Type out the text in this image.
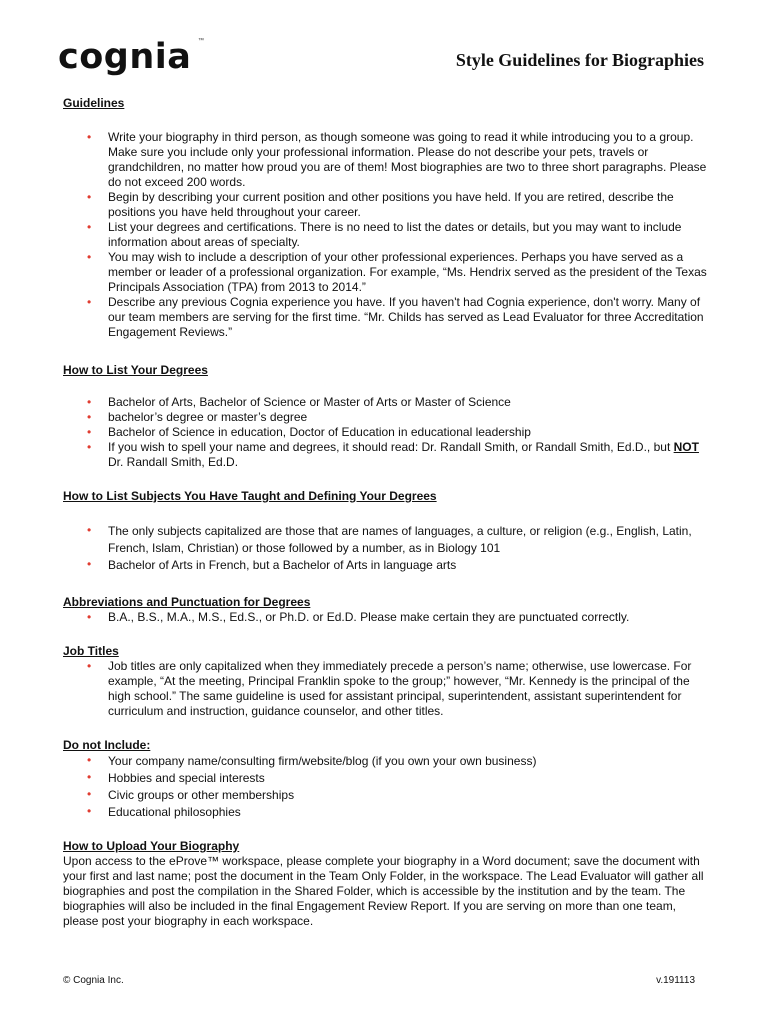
cognia ™
Style Guidelines for Biographies
Guidelines
• Write your biography in third person, as though someone was going to read it while introducing you to a group. Make sure you include only your professional information. Please do not describe your pets, travels or grandchildren, no matter how proud you are of them! Most biographies are two to three short paragraphs. Please do not exceed 200 words.
• Begin by describing your current position and other positions you have held. If you are retired, describe the positions you have held throughout your career.
• List your degrees and certifications. There is no need to list the dates or details, but you may want to include information about areas of specialty.
• You may wish to include a description of your other professional experiences. Perhaps you have served as a member or leader of a professional organization. For example, “Ms. Hendrix served as the president of the Texas Principals Association (TPA) from 2013 to 2014.”
• Describe any previous Cognia experience you have. If you haven't had Cognia experience, don't worry. Many of our team members are serving for the first time. “Mr. Childs has served as Lead Evaluator for three Accreditation Engagement Reviews.”
How to List Your Degrees
• Bachelor of Arts, Bachelor of Science or Master of Arts or Master of Science
• bachelor’s degree or master’s degree
• Bachelor of Science in education, Doctor of Education in educational leadership
• If you wish to spell your name and degrees, it should read: Dr. Randall Smith, or Randall Smith, Ed.D., but NOT Dr. Randall Smith, Ed.D.
How to List Subjects You Have Taught and Defining Your Degrees
• The only subjects capitalized are those that are names of languages, a culture, or religion (e.g., English, Latin, French, Islam, Christian) or those followed by a number, as in Biology 101
• Bachelor of Arts in French, but a Bachelor of Arts in language arts
Abbreviations and Punctuation for Degrees
• B.A., B.S., M.A., M.S., Ed.S., or Ph.D. or Ed.D. Please make certain they are punctuated correctly.
Job Titles
• Job titles are only capitalized when they immediately precede a person’s name; otherwise, use lowercase. For example, “At the meeting, Principal Franklin spoke to the group;” however, “Mr. Kennedy is the principal of the high school.” The same guideline is used for assistant principal, superintendent, assistant superintendent for curriculum and instruction, guidance counselor, and other titles.
Do not Include:
• Your company name/consulting firm/website/blog (if you own your own business)
• Hobbies and special interests
• Civic groups or other memberships
• Educational philosophies
How to Upload Your Biography

Upon access to the eProve™ workspace, please complete your biography in a Word document; save the document with your first and last name; post the document in the Team Only Folder, in the workspace. The Lead Evaluator will gather all biographies and post the compilation in the Shared Folder, which is accessible by the institution and by the team. The biographies will also be included in the final Engagement Review Report. If you are serving on more than one team, please post your biography in each workspace.

© Cognia Inc.	v.191113
